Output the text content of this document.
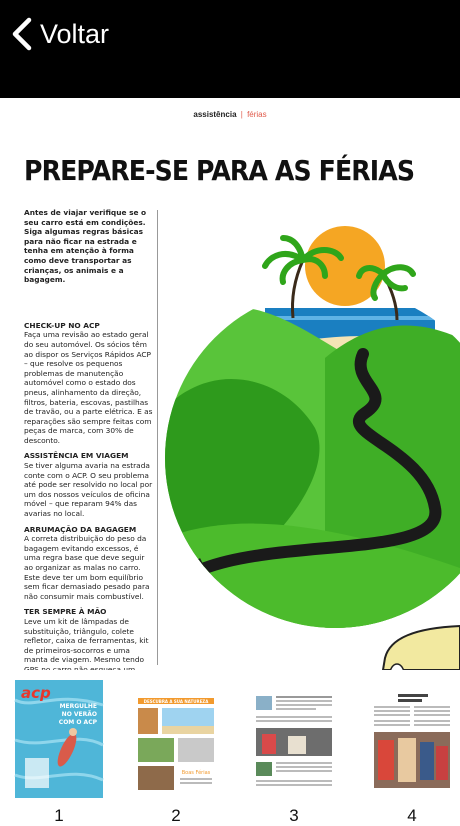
Voltar
assistência | férias
PREPARE-SE PARA AS FÉRIAS

Antes de viajar verifique se o seu carro está em condições. Siga algumas regras básicas para não ficar na estrada e tenha em atenção à forma como deve transportar as crianças, os animais e a bagagem.

CHECK-UP NO ACP

Faça uma revisão ao estado geral do seu automóvel. Os sócios têm ao dispor os Serviços Rápidos ACP – que resolve os pequenos problemas de manutenção automóvel como o estado dos pneus, alinhamento da direção, filtros, bateria, escovas, pastilhas de travão, ou a parte elétrica. E as reparações são sempre feitas com peças de marca, com 30% de desconto.

ASSISTÊNCIA EM VIAGEM

Se tiver alguma avaria na estrada conte com o ACP. O seu problema até pode ser resolvido no local por um dos nossos veículos de oficina móvel – que reparam 94% das avarias no local.

ARRUMAÇÃO DA BAGAGEM

A correta distribuição do peso da bagagem evitando excessos, é uma regra base que deve seguir ao organizar as malas no carro. Este deve ter um bom equilíbrio sem ficar demasiado pesado para não consumir mais combustível.

TER SEMPRE À MÃO

Leve um kit de lâmpadas de substituição, triângulo, colete refletor, caixa de ferramentas, kit de primeiros-socorros e uma manta de viagem. Mesmo tendo

acp
MERGULHE
NO VERÃO
COM O ACP
1
DESCUBRA A SUA NATUREZA
Boas Férias
2	3	4
